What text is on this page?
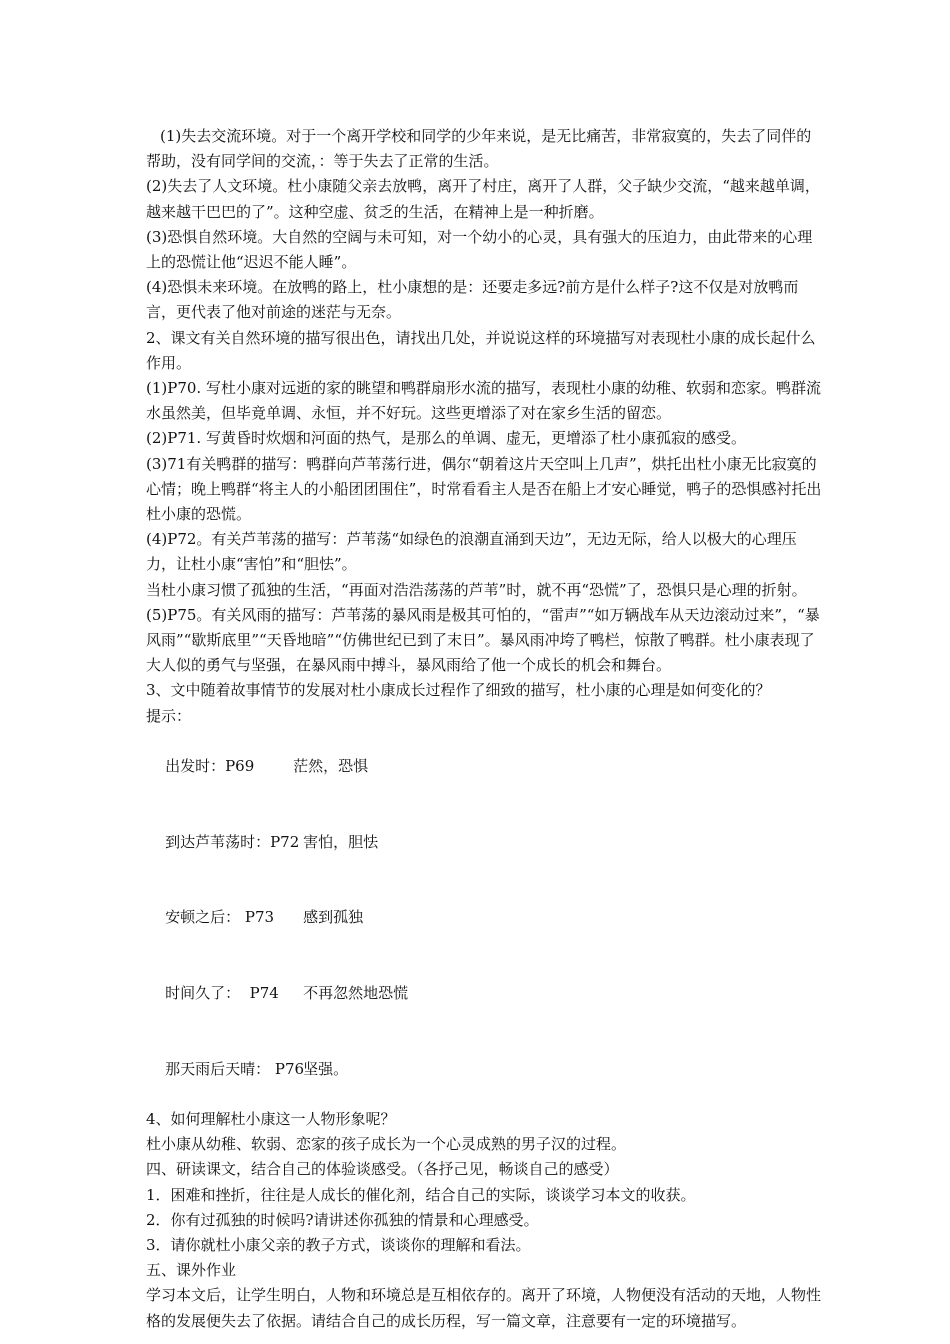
(1)失去交流环境。对于一个离开学校和同学的少年来说，是无比痛苦，非常寂寞的，失去了同伴的帮助，没有同学间的交流，：等于失去了正常的生活。

(2)失去了人文环境。杜小康随父亲去放鸭，离开了村庄，离开了人群，父子缺少交流，“越来越单调，越来越干巴巴的了”。这种空虚、贫乏的生活，在精神上是一种折磨。

(3)恐惧自然环境。大自然的空阔与未可知，对一个幼小的心灵，具有强大的压迫力，由此带来的心理上的恐慌让他“迟迟不能人睡”。

(4)恐惧未来环境。在放鸭的路上，杜小康想的是：还要走多远?前方是什么样子?这不仅是对放鸭而言，更代表了他对前途的迷茫与无奈。

2、课文有关自然环境的描写很出色，请找出几处，并说说这样的环境描写对表现杜小康的成长起什么作用。

(1)P70. 写杜小康对远逝的家的眺望和鸭群扇形水流的描写，表现杜小康的幼稚、软弱和恋家。鸭群流水虽然美，但毕竟单调、永恒，并不好玩。这些更增添了对在家乡生活的留恋。

(2)P71. 写黄昏时炊烟和河面的热气，是那么的单调、虚无，更增添了杜小康孤寂的感受。

(3)71有关鸭群的描写：鸭群向芦苇荡行进，偶尔“朝着这片天空叫上几声”，烘托出杜小康无比寂寞的心情；晚上鸭群“将主人的小船团团围住”，时常看看主人是否在船上才安心睡觉，鸭子的恐惧感衬托出杜小康的恐慌。

(4)P72。有关芦苇荡的描写：芦苇荡“如绿色的浪潮直涌到天边”，无边无际，给人以极大的心理压力，让杜小康“害怕”和“胆怯”。

当杜小康习惯了孤独的生活，“再面对浩浩荡荡的芦苇”时，就不再“恐慌”了，恐惧只是心理的折射。

(5)P75。有关风雨的描写：芦苇荡的暴风雨是极其可怕的，“雷声”“如万辆战车从天边滚动过来”，“暴风雨”“歇斯底里”“天昏地暗”“仿佛世纪已到了末日”。暴风雨冲垮了鸭栏，惊散了鸭群。杜小康表现了大人似的勇气与坚强，在暴风雨中搏斗，暴风雨给了他一个成长的机会和舞台。

3、文中随着故事情节的发展对杜小康成长过程作了细致的描写，杜小康的心理是如何变化的？

提示：

出发时：P69	茫然，恐惧

到达芦苇荡时：P72 害怕，胆怯

安顿之后： P73 感到孤独

时间久了：  P74 不再忽然地恐慌

那天雨后天晴： P76坚强。

4、如何理解杜小康这一人物形象呢？

杜小康从幼稚、软弱、恋家的孩子成长为一个心灵成熟的男子汉的过程。

四、研读课文，结合自己的体验谈感受。（各抒己见，畅谈自己的感受）

1．困难和挫折，往往是人成长的催化剂，结合自己的实际，谈谈学习本文的收获。

2．你有过孤独的时候吗?请讲述你孤独的情景和心理感受。

3．请你就杜小康父亲的教子方式，谈谈你的理解和看法。

五、课外作业

学习本文后，让学生明白，人物和环境总是互相依存的。离开了环境，人物便没有活动的天地，人物性格的发展便失去了依据。请结合自己的成长历程，写一篇文章，注意要有一定的环境描写。
